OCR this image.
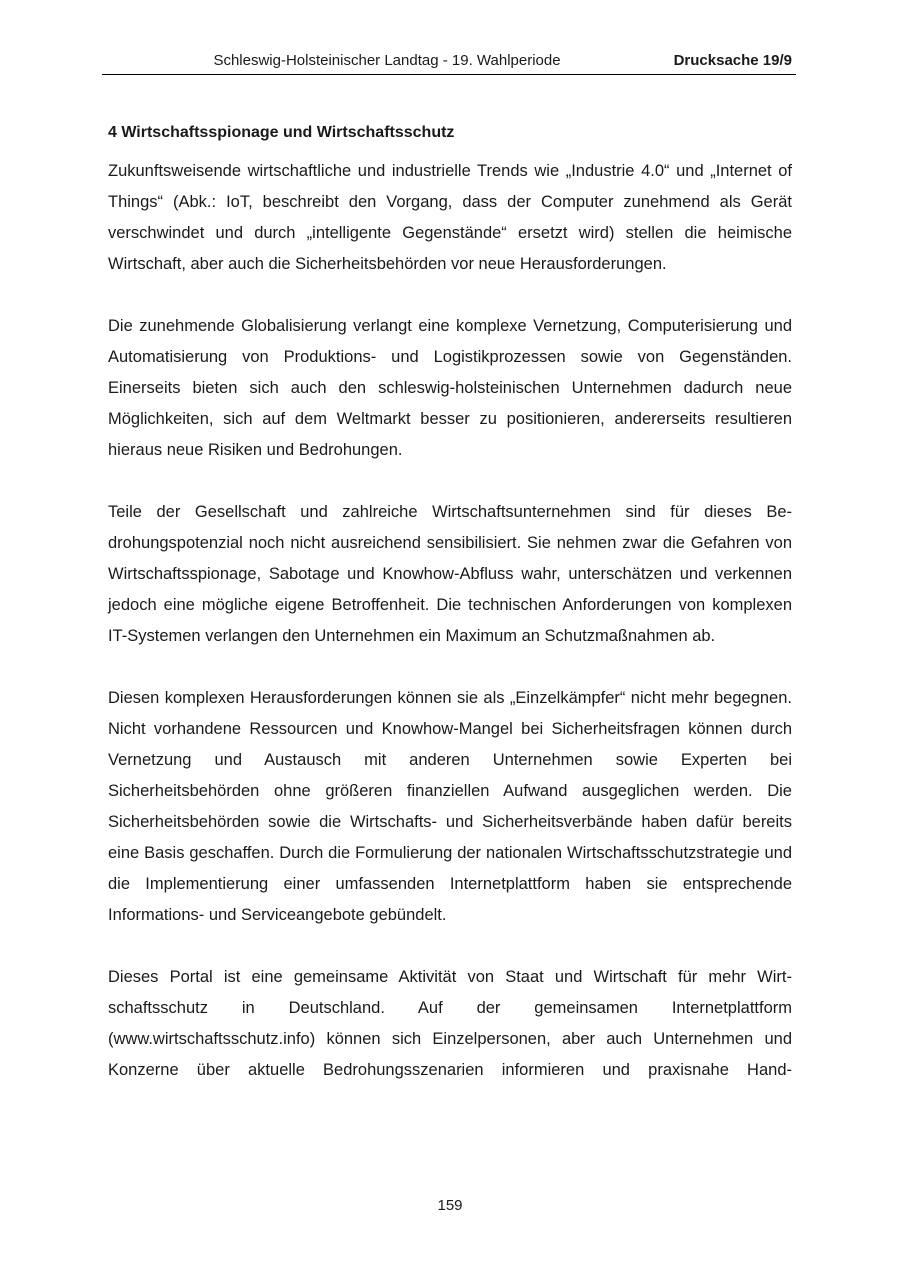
Schleswig-Holsteinischer Landtag - 19. Wahlperiode	Drucksache 19/9
4 Wirtschaftsspionage und Wirtschaftsschutz

Zukunftsweisende wirtschaftliche und industrielle Trends wie „Industrie 4.0“ und „Internet of Things“ (Abk.: IoT, beschreibt den Vorgang, dass der Computer zunehmend als Gerät verschwindet und durch „intelligente Gegenstände“ ersetzt wird) stellen die heimische Wirtschaft, aber auch die Sicherheitsbehörden vor neue Herausforderungen.

Die zunehmende Globalisierung verlangt eine komplexe Vernetzung, Computerisierung und Automatisierung von Produktions- und Logistikprozessen sowie von Gegenständen. Einerseits bieten sich auch den schleswig-holsteinischen Unternehmen dadurch neue Möglichkeiten, sich auf dem Weltmarkt besser zu positionieren, andererseits resultieren hieraus neue Risiken und Bedrohungen.

Teile der Gesellschaft und zahlreiche Wirtschaftsunternehmen sind für dieses Bedrohungspotenzial noch nicht ausreichend sensibilisiert. Sie nehmen zwar die Gefahren von Wirtschaftsspionage, Sabotage und Knowhow-Abfluss wahr, unterschätzen und verkennen jedoch eine mögliche eigene Betroffenheit. Die technischen Anforderungen von komplexen IT-Systemen verlangen den Unternehmen ein Maximum an Schutzmaßnahmen ab.

Diesen komplexen Herausforderungen können sie als „Einzelkämpfer“ nicht mehr begegnen. Nicht vorhandene Ressourcen und Knowhow-Mangel bei Sicherheitsfragen können durch Vernetzung und Austausch mit anderen Unternehmen sowie Experten bei Sicherheitsbehörden ohne größeren finanziellen Aufwand ausgeglichen werden. Die Sicherheitsbehörden sowie die Wirtschafts- und Sicherheitsverbände haben dafür bereits eine Basis geschaffen. Durch die Formulierung der nationalen Wirtschaftsschutzstrategie und die Implementierung einer umfassenden Internetplattform haben sie entsprechende Informations- und Serviceangebote gebündelt.

Dieses Portal ist eine gemeinsame Aktivität von Staat und Wirtschaft für mehr Wirtschaftsschutz in Deutschland. Auf der gemeinsamen Internetplattform (www.wirtschaftsschutz.info) können sich Einzelpersonen, aber auch Unternehmen und Konzerne über aktuelle Bedrohungsszenarien informieren und praxisnahe Hand-

159
